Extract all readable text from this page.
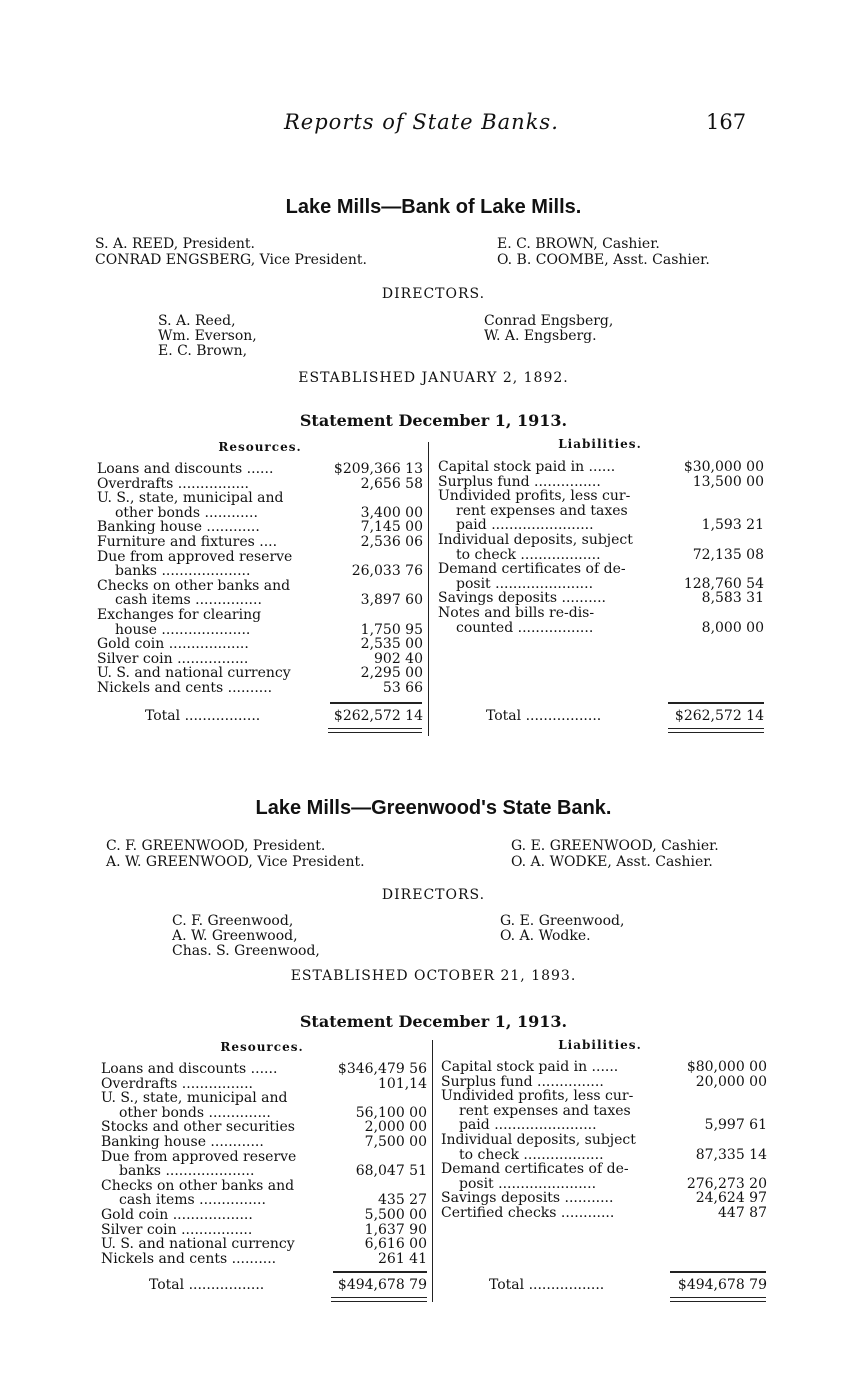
Reports of State Banks.	167
Lake Mills—Bank of Lake Mills.
S. A. REED, President.
CONRAD ENGSBERG, Vice President.
E. C. BROWN, Cashier.
O. B. COOMBE, Asst. Cashier.
DIRECTORS.
S. A. Reed,
Wm. Everson,
E. C. Brown,
Conrad Engsberg,
W. A. Engsberg.
ESTABLISHED JANUARY 2, 1892.
Statement December 1, 1913.
Resources.	Liabilities.
Loans and discounts ......	$209,366 13
Overdrafts ................	2,656 58
U. S., state, municipal and
other bonds ............	3,400 00
Banking house ............	7,145 00
Furniture and fixtures ....	2,536 06
Due from approved reserve
banks ....................	26,033 76
Checks on other banks and
cash items ...............	3,897 60
Exchanges for clearing
house ....................	1,750 95
Gold coin ..................	2,535 00
Silver coin ................	902 40
U. S. and national currency	2,295 00
Nickels and cents ..........	53 66
Capital stock paid in ......	$30,000 00
Surplus fund ...............	13,500 00
Undivided profits, less cur-
rent expenses and taxes
paid .......................	1,593 21
Individual deposits, subject
to check ..................	72,135 08
Demand certificates of de-
posit ......................	128,760 54
Savings deposits ..........	8,583 31
Notes and bills re-dis-
counted .................	8,000 00
Total .................	$262,572 14	Total .................	$262,572 14
Lake Mills—Greenwood's State Bank.
C. F. GREENWOOD, President.
A. W. GREENWOOD, Vice President.
G. E. GREENWOOD, Cashier.
O. A. WODKE, Asst. Cashier.
DIRECTORS.
C. F. Greenwood,
A. W. Greenwood,
Chas. S. Greenwood,
G. E. Greenwood,
O. A. Wodke.
ESTABLISHED OCTOBER 21, 1893.
Statement December 1, 1913.
Resources.	Liabilities.
Loans and discounts ......	$346,479 56
Overdrafts ................	101,14
U. S., state, municipal and
other bonds ..............	56,100 00
Stocks and other securities	2,000 00
Banking house ............	7,500 00
Due from approved reserve
banks ....................	68,047 51
Checks on other banks and
cash items ...............	435 27
Gold coin ..................	5,500 00
Silver coin ................	1,637 90
U. S. and national currency	6,616 00
Nickels and cents ..........	261 41
Capital stock paid in ......	$80,000 00
Surplus fund ...............	20,000 00
Undivided profits, less cur-
rent expenses and taxes
paid .......................	5,997 61
Individual deposits, subject
to check ..................	87,335 14
Demand certificates of de-
posit ......................	276,273 20
Savings deposits ...........	24,624 97
Certified checks ............	447 87
Total .................	$494,678 79	Total .................	$494,678 79
